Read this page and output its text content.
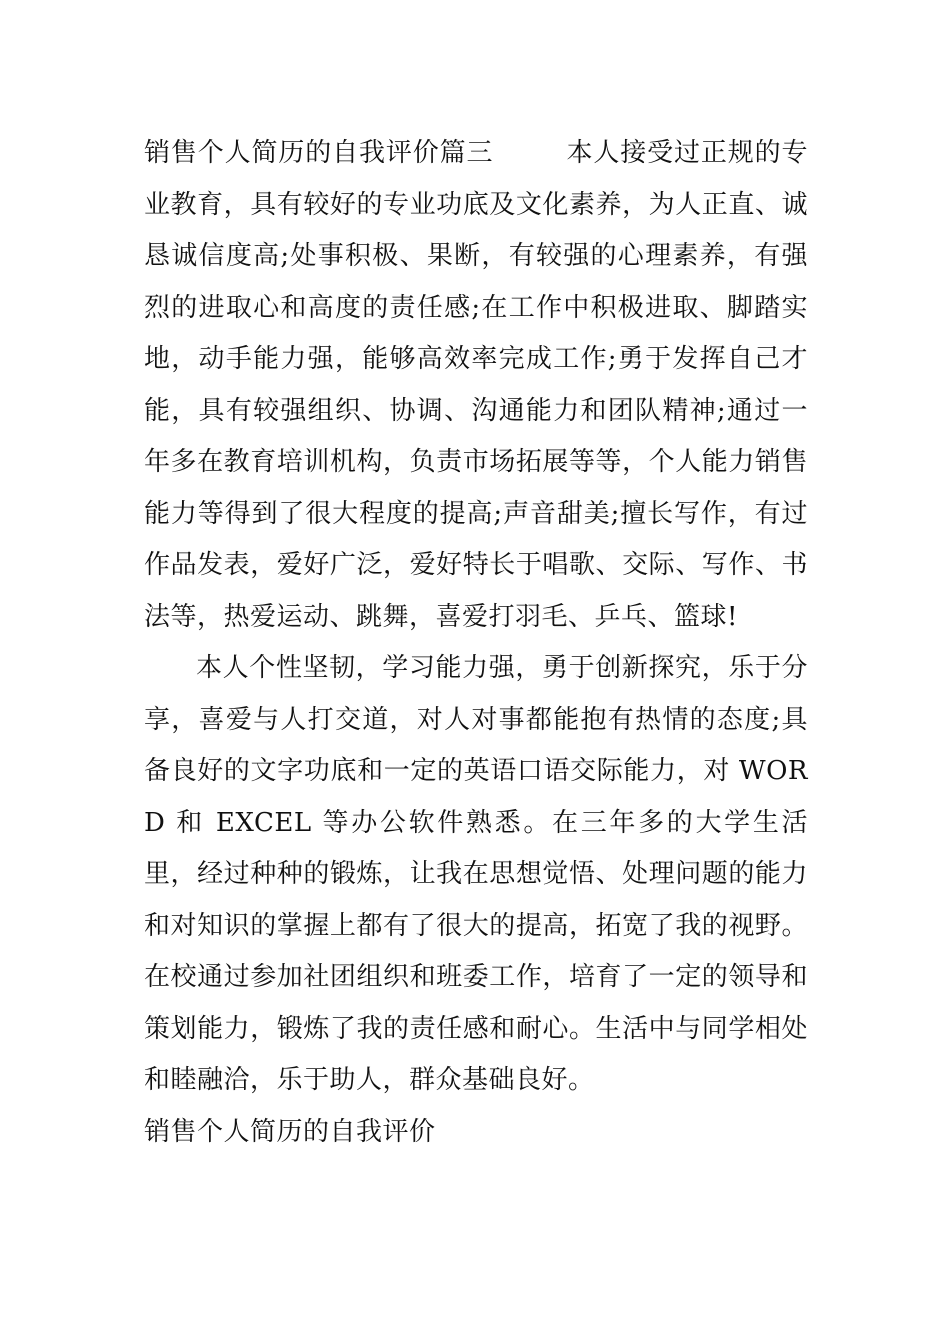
销售个人简历的自我评价篇三        本人接受过正规的专业教育，具有较好的专业功底及文化素养，为人正直、诚恳诚信度高;处事积极、果断，有较强的心理素养，有强烈的进取心和高度的责任感;在工作中积极进取、脚踏实地，动手能力强，能够高效率完成工作;勇于发挥自己才能，具有较强组织、协调、沟通能力和团队精神;通过一年多在教育培训机构，负责市场拓展等等，个人能力销售能力等得到了很大程度的提高;声音甜美;擅长写作，有过作品发表，爱好广泛，爱好特长于唱歌、交际、写作、书法等，热爱运动、跳舞，喜爱打羽毛、乒乓、篮球!

本人个性坚韧，学习能力强，勇于创新探究，乐于分享，喜爱与人打交道，对人对事都能抱有热情的态度;具备良好的文字功底和一定的英语口语交际能力，对 WORD 和 EXCEL 等办公软件熟悉。在三年多的大学生活里，经过种种的锻炼，让我在思想觉悟、处理问题的能力和对知识的掌握上都有了很大的提高，拓宽了我的视野。在校通过参加社团组织和班委工作，培育了一定的领导和策划能力，锻炼了我的责任感和耐心。生活中与同学相处和睦融洽，乐于助人，群众基础良好。

销售个人简历的自我评价
